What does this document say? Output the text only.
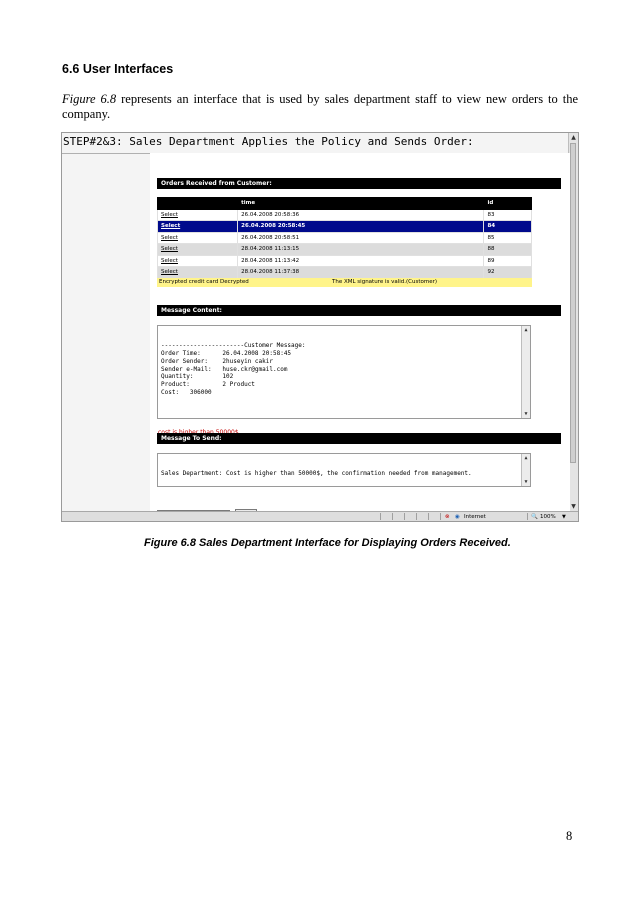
6.6 User Interfaces
Figure 6.8 represents an interface that is used by sales department staff to view new orders to the company.
STEP#2&3: Sales Department Applies the Policy and Sends Order:	▲
▼
Orders Received from Customer:
	time	id
Select	26.04.2008 20:58:36	83
Select	26.04.2008 20:58:45	84
Select	26.04.2008 20:58:51	85
Select	28.04.2008 11:13:15	88
Select	28.04.2008 11:13:42	89
Select	28.04.2008 11:37:38	92
Encrypted credit card Decrypted	The XML signature is valid.(Customer)
Message Content:

-----------------------Customer Message:
Order Time:      26.04.2008 20:58:45
Order Sender:    2huseyin cakir
Sender e-Mail:   huse.ckr@gmail.com
Quantity:        102
Product:         2 Product
Cost:   306000

▲

▼

Message To Send:

Sales Department: Cost is higher than 50000$, the confirmation needed from management.

▲

▼

⊗ ◉ Internet	🔍 100% ▼
Figure 6.8 Sales Department Interface for Displaying Orders Received.
8
